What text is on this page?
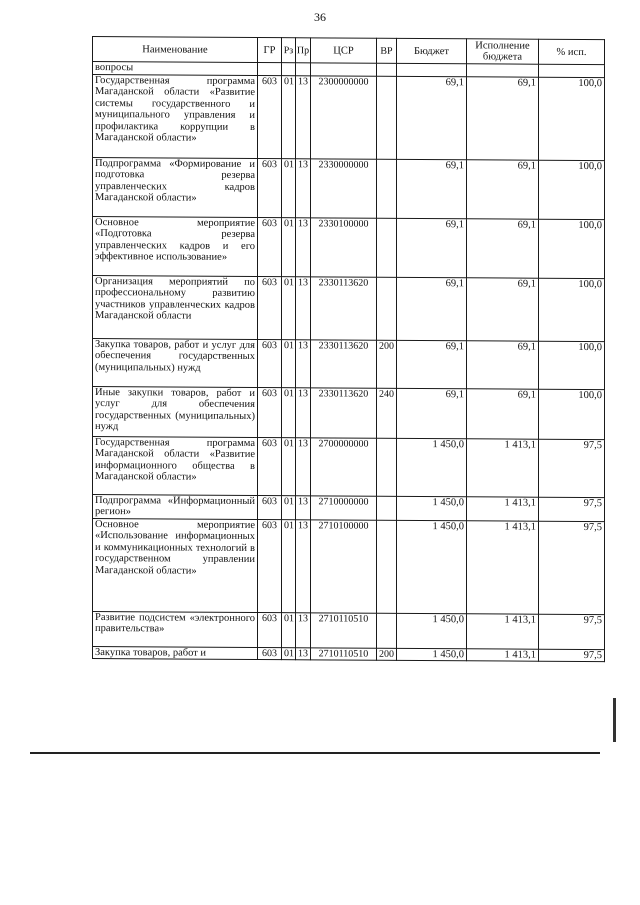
36
Наименование	ГР	Рз	Пр	ЦСР	ВР	Бюджет	Исполнение бюджета	% исп.
вопросы								
Государственная программа Магаданской области «Развитие системы государственного и муниципального управления и профилактика коррупции в Магаданской области»	603	01	13	2300000000		69,1	69,1	100,0
Подпрограмма «Формирование и подготовка резерва управленческих кадров Магаданской области»	603	01	13	2330000000		69,1	69,1	100,0
Основное мероприятие «Подготовка резерва управленческих кадров и его эффективное использование»	603	01	13	2330100000		69,1	69,1	100,0
Организация мероприятий по профессиональному развитию участников управленческих кадров Магаданской области	603	01	13	2330113620		69,1	69,1	100,0
Закупка товаров, работ и услуг для обеспечения государственных (муниципальных) нужд	603	01	13	2330113620	200	69,1	69,1	100,0
Иные закупки товаров, работ и услуг для обеспечения государственных (муниципальных) нужд	603	01	13	2330113620	240	69,1	69,1	100,0
Государственная программа Магаданской области «Развитие информационного общества в Магаданской области»	603	01	13	2700000000		1 450,0	1 413,1	97,5
Подпрограмма «Информационный регион»	603	01	13	2710000000		1 450,0	1 413,1	97,5
Основное мероприятие «Использование информационных и коммуникационных технологий в государственном управлении Магаданской области»	603	01	13	2710100000		1 450,0	1 413,1	97,5
Развитие подсистем «электронного правительства»	603	01	13	2710110510		1 450,0	1 413,1	97,5
Закупка товаров, работ и	603	01	13	2710110510	200	1 450,0	1 413,1	97,5
